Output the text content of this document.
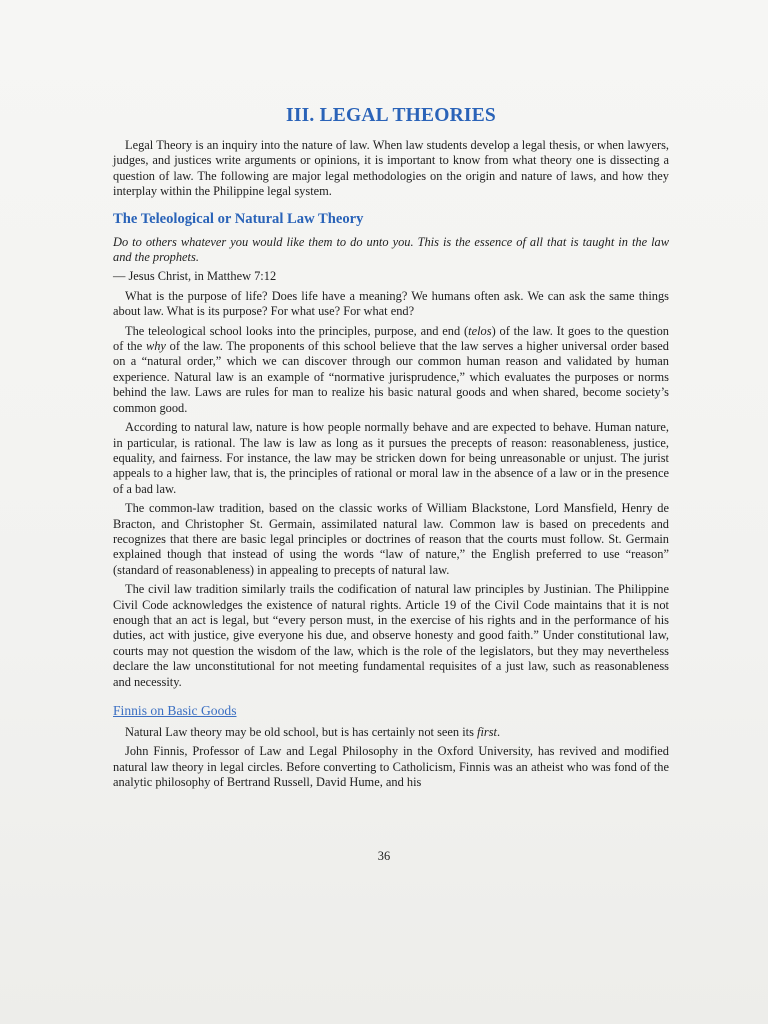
III. LEGAL THEORIES

Legal Theory is an inquiry into the nature of law. When law students develop a legal thesis, or when lawyers, judges, and justices write arguments or opinions, it is important to know from what theory one is dissecting a question of law. The following are major legal methodologies on the origin and nature of laws, and how they interplay within the Philippine legal system.

The Teleological or Natural Law Theory

Do to others whatever you would like them to do unto you. This is the essence of all that is taught in the law and the prophets.

— Jesus Christ, in Matthew 7:12

What is the purpose of life? Does life have a meaning? We humans often ask. We can ask the same things about law. What is its purpose? For what use? For what end?

The teleological school looks into the principles, purpose, and end (telos) of the law. It goes to the question of the why of the law. The proponents of this school believe that the law serves a higher universal order based on a “natural order,” which we can discover through our common human reason and validated by human experience. Natural law is an example of “normative jurisprudence,” which evaluates the purposes or norms behind the law. Laws are rules for man to realize his basic natural goods and when shared, become society’s common good.

According to natural law, nature is how people normally behave and are expected to behave. Human nature, in particular, is rational. The law is law as long as it pursues the precepts of reason: reasonableness, justice, equality, and fairness. For instance, the law may be stricken down for being unreasonable or unjust. The jurist appeals to a higher law, that is, the principles of rational or moral law in the absence of a law or in the presence of a bad law.

The common-law tradition, based on the classic works of William Blackstone, Lord Mansfield, Henry de Bracton, and Christopher St. Germain, assimilated natural law. Common law is based on precedents and recognizes that there are basic legal principles or doctrines of reason that the courts must follow. St. Germain explained though that instead of using the words “law of nature,” the English preferred to use “reason” (standard of reasonableness) in appealing to precepts of natural law.

The civil law tradition similarly trails the codification of natural law principles by Justinian. The Philippine Civil Code acknowledges the existence of natural rights. Article 19 of the Civil Code maintains that it is not enough that an act is legal, but “every person must, in the exercise of his rights and in the performance of his duties, act with justice, give everyone his due, and observe honesty and good faith.” Under constitutional law, courts may not question the wisdom of the law, which is the role of the legislators, but they may nevertheless declare the law unconstitutional for not meeting fundamental requisites of a just law, such as reasonableness and necessity.

Finnis on Basic Goods

Natural Law theory may be old school, but is has certainly not seen its first.

John Finnis, Professor of Law and Legal Philosophy in the Oxford University, has revived and modified natural law theory in legal circles. Before converting to Catholicism, Finnis was an atheist who was fond of the analytic philosophy of Bertrand Russell, David Hume, and his

36
